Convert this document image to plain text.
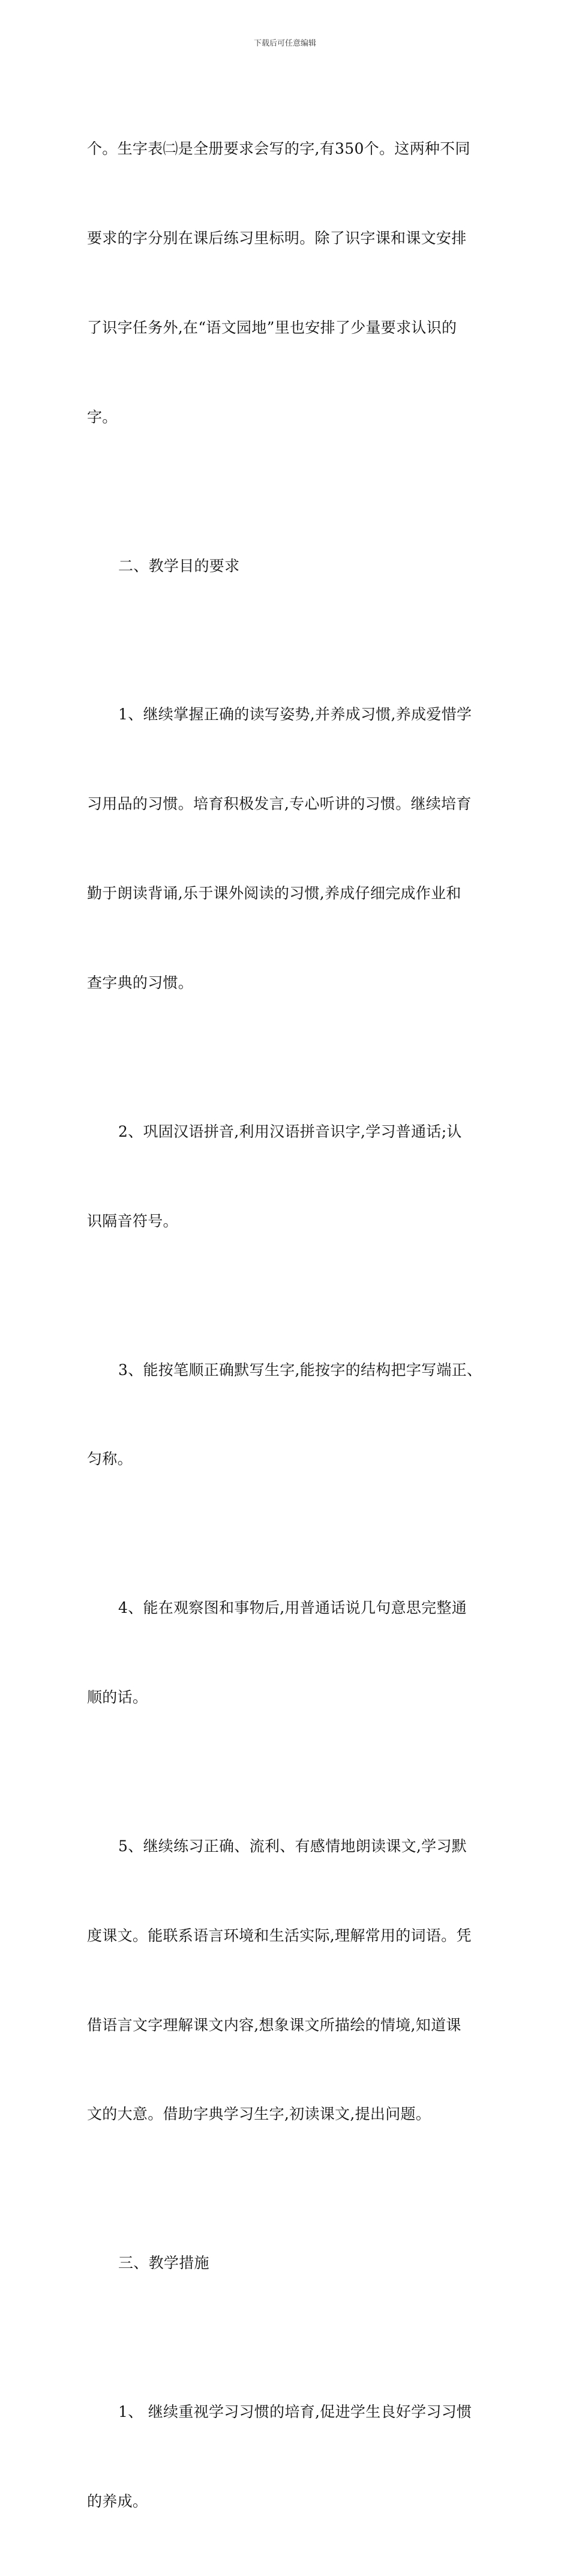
下载后可任意编辑

个。生字表㈡是全册要求会写的字,有350个。这两种不同

要求的字分别在课后练习里标明。除了识字课和课文安排

了识字任务外,在“语文园地”里也安排了少量要求认识的

字。

二、教学目的要求

1、继续掌握正确的读写姿势,并养成习惯,养成爱惜学

习用品的习惯。培育积极发言,专心听讲的习惯。继续培育

勤于朗读背诵,乐于课外阅读的习惯,养成仔细完成作业和

查字典的习惯。

2、巩固汉语拼音,利用汉语拼音识字,学习普通话;认

识隔音符号。

3、能按笔顺正确默写生字,能按字的结构把字写端正、

匀称。

4、能在观察图和事物后,用普通话说几句意思完整通

顺的话。

5、继续练习正确、流利、有感情地朗读课文,学习默

度课文。能联系语言环境和生活实际,理解常用的词语。凭

借语言文字理解课文内容,想象课文所描绘的情境,知道课

文的大意。借助字典学习生字,初读课文,提出问题。

三、教学措施

1、 继续重视学习习惯的培育,促进学生良好学习习惯

的养成。
